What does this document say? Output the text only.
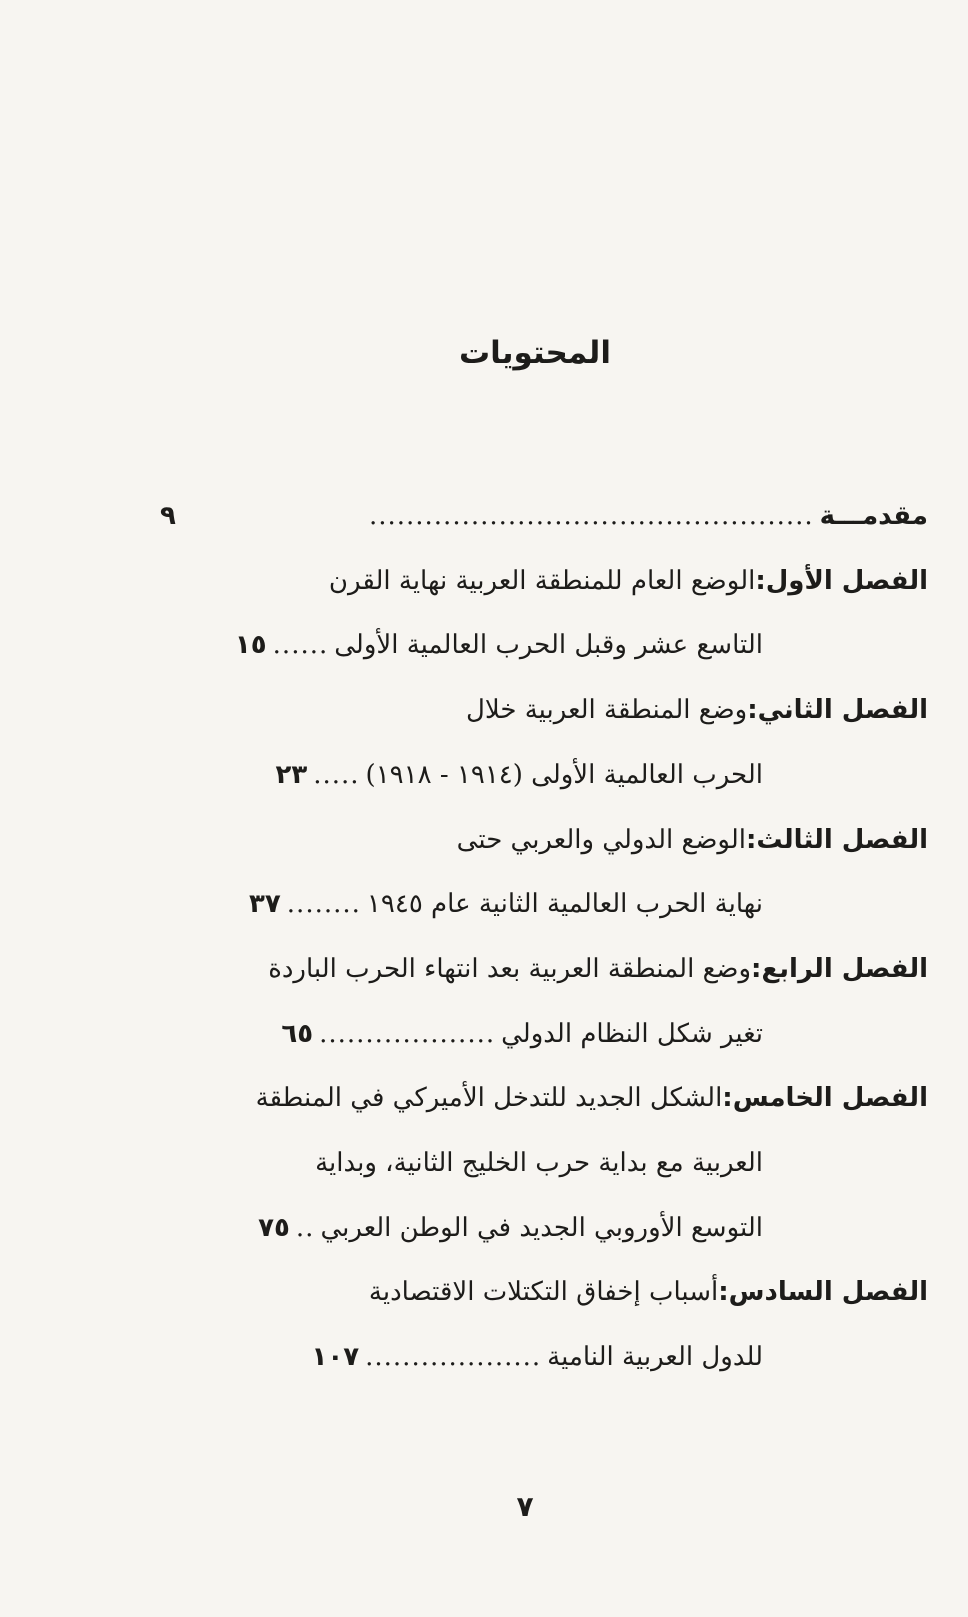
المحتويات
مقدمـــة
................................................
٩
الفصل الأول:
الوضع العام للمنطقة العربية نهاية القرن
التاسع عشر وقبل الحرب العالمية الأولى
......
١٥
الفصل الثاني:
وضع المنطقة العربية خلال
الحرب العالمية الأولى (١٩١٤ - ١٩١٨)
.....
٢٣
الفصل الثالث:
الوضع الدولي والعربي حتى
نهاية الحرب العالمية الثانية عام ١٩٤٥
........
٣٧
الفصل الرابع:
وضع المنطقة العربية بعد انتهاء الحرب الباردة
تغير شكل النظام الدولي
...................
٦٥
الفصل الخامس:
الشكل الجديد للتدخل الأميركي في المنطقة
العربية مع بداية حرب الخليج الثانية، وبداية
التوسع الأوروبي الجديد في الوطن العربي
..
٧٥
الفصل السادس:
أسباب إخفاق التكتلات الاقتصادية
للدول العربية النامية
...................
١٠٧
٧
